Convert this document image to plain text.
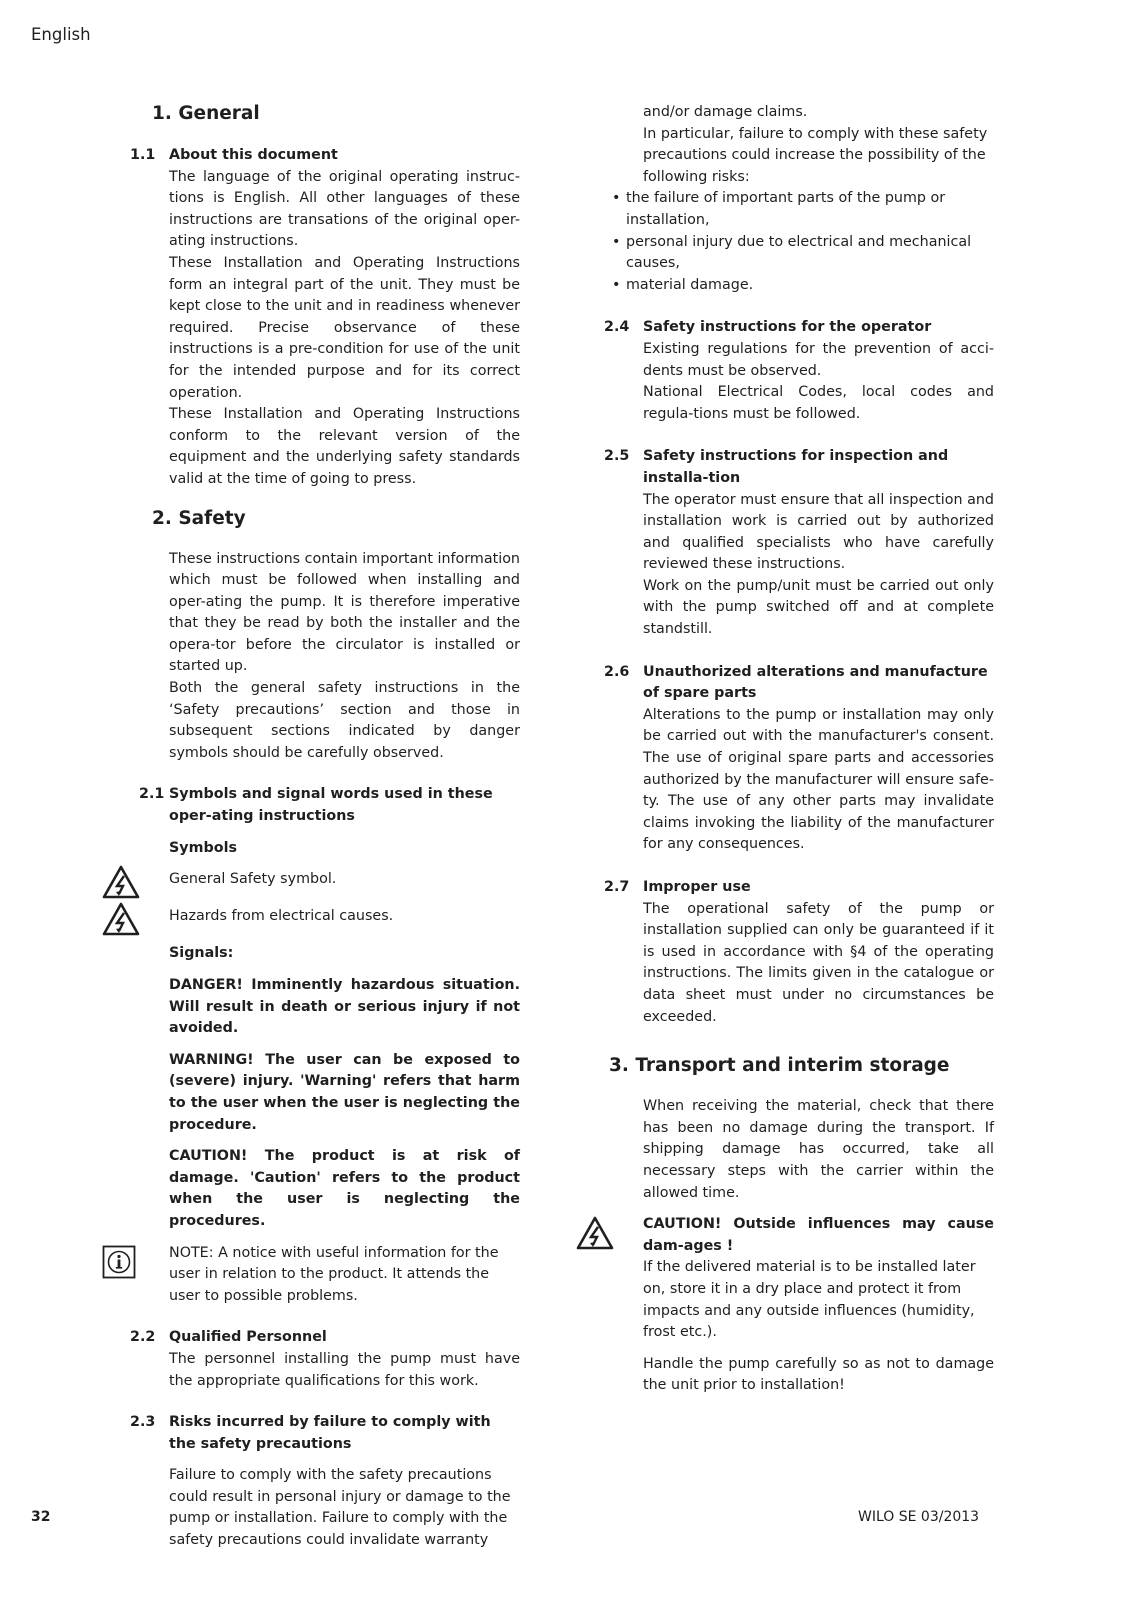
English
1. General
1.1 About this document
The language of the original operating instruc-tions is English. All other languages of these instructions are transations of the original oper-ating instructions.
These Installation and Operating Instructions form an integral part of the unit. They must be kept close to the unit and in readiness whenever required. Precise observance of these instructions is a pre-condition for use of the unit for the intended purpose and for its correct operation.
These Installation and Operating Instructions conform to the relevant version of the equipment and the underlying safety standards valid at the time of going to press.
2. Safety
These instructions contain important information which must be followed when installing and oper-ating the pump. It is therefore imperative that they be read by both the installer and the opera-tor before the circulator is installed or started up.
Both the general safety instructions in the ‘Safety precautions’ section and those in subsequent sections indicated by danger symbols should be carefully observed.
2.1 Symbols and signal words used in these oper-ating instructions
Symbols
General Safety symbol.
Hazards from electrical causes.
Signals:
DANGER! Imminently hazardous situation. Will result in death or serious injury if not avoided.
WARNING! The user can be exposed to (severe) injury. 'Warning' refers that harm to the user when the user is neglecting the procedure.
CAUTION! The product is at risk of damage. 'Caution' refers to the product when the user is neglecting the procedures.
NOTE: A notice with useful information for the user in relation to the product. It attends the user to possible problems.
2.2 Qualified Personnel
The personnel installing the pump must have the appropriate qualifications for this work.
2.3 Risks incurred by failure to comply with the safety precautions
Failure to comply with the safety precautions could result in personal injury or damage to the pump or installation. Failure to comply with the safety precautions could invalidate warranty
and/or damage claims.
In particular, failure to comply with these safety precautions could increase the possibility of the following risks:
• the failure of important parts of the pump or installation,
• personal injury due to electrical and mechanical causes,
• material damage.
2.4 Safety instructions for the operator
Existing regulations for the prevention of acci-dents must be observed.
National Electrical Codes, local codes and regula-tions must be followed.
2.5 Safety instructions for inspection and installa-tion
The operator must ensure that all inspection and installation work is carried out by authorized and qualified specialists who have carefully reviewed these instructions.
Work on the pump/unit must be carried out only with the pump switched off and at complete standstill.
2.6 Unauthorized alterations and manufacture of spare parts
Alterations to the pump or installation may only be carried out with the manufacturer's consent. The use of original spare parts and accessories authorized by the manufacturer will ensure safe-ty. The use of any other parts may invalidate claims invoking the liability of the manufacturer for any consequences.
2.7 Improper use
The operational safety of the pump or installation supplied can only be guaranteed if it is used in accordance with §4 of the operating instructions. The limits given in the catalogue or data sheet must under no circumstances be exceeded.
3. Transport and interim storage
When receiving the material, check that there has been no damage during the transport. If shipping damage has occurred, take all necessary steps with the carrier within the allowed time.
CAUTION! Outside influences may cause dam-ages !
If the delivered material is to be installed later on, store it in a dry place and protect it from impacts and any outside influences (humidity, frost etc.).
Handle the pump carefully so as not to damage the unit prior to installation!
32	WILO SE 03/2013
